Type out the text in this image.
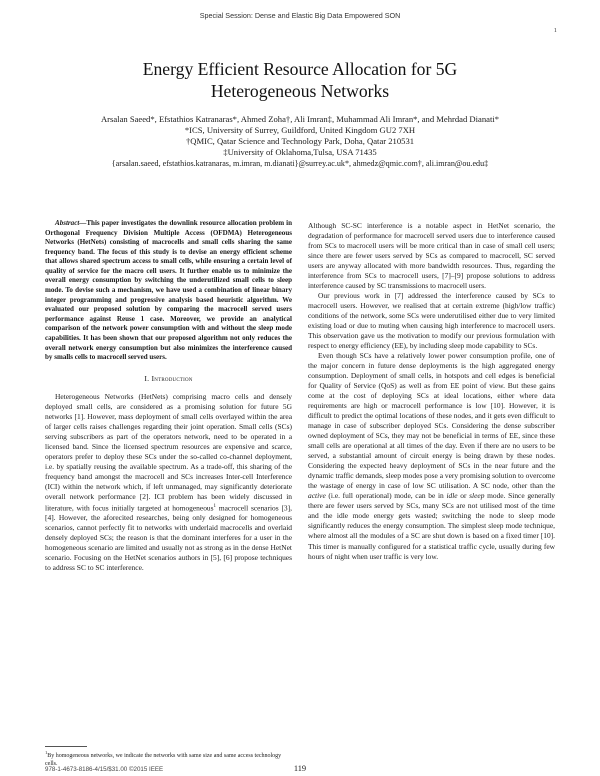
Special Session: Dense and Elastic Big Data Empowered SON
1
Energy Efficient Resource Allocation for 5G
Heterogeneous Networks
Arsalan Saeed*, Efstathios Katranaras*, Ahmed Zoha†, Ali Imran‡, Muhammad Ali Imran*, and Mehrdad Dianati*
*ICS, University of Surrey, Guildford, United Kingdom GU2 7XH
†QMIC, Qatar Science and Technology Park, Doha, Qatar 210531
‡University of Oklahoma,Tulsa, USA 71435
{arsalan.saeed, efstathios.katranaras, m.imran, m.dianati}@surrey.ac.uk*, ahmedz@qmic.com†, ali.imran@ou.edu‡
Abstract—This paper investigates the downlink resource allocation problem in Orthogonal Frequency Division Multiple Access (OFDMA) Heterogeneous Networks (HetNets) consisting of macrocells and small cells sharing the same frequency band. The focus of this study is to devise an energy efficient scheme that allows shared spectrum access to small cells, while ensuring a certain level of quality of service for the macro cell users. It further enable us to minimize the overall energy consumption by switching the underutilized small cells to sleep mode. To devise such a mechanism, we have used a combination of linear binary integer programming and progressive analysis based heuristic algorithm. We evaluated our proposed solution by comparing the macrocell served users performance against Reuse 1 case. Moreover, we provide an analytical comparison of the network power consumption with and without the sleep mode capabilities. It has been shown that our proposed algorithm not only reduces the overall network energy consumption but also minimizes the interference caused by smalls cells to macrocell served users.
I. Introduction

Heterogeneous Networks (HetNets) comprising macro cells and densely deployed small cells, are considered as a promising solution for future 5G networks [1]. However, mass deployment of small cells overlayed within the area of larger cells raises challenges regarding their joint operation. Small cells (SCs) serving subscribers as part of the operators network, need to be operated in a licensed band. Since the licensed spectrum resources are expensive and scarce, operators prefer to deploy these SCs under the so-called co-channel deployment, i.e. by spatially reusing the available spectrum. As a trade-off, this sharing of the frequency band amongst the macrocell and SCs increases Inter-cell Interference (ICI) within the network which, if left unmanaged, may significantly deteriorate overall network performance [2]. ICI problem has been widely discussed in literature, with focus initially targeted at homogeneous$^1$ macrocell scenarios [3], [4]. However, the aforecited researches, being only designed for homogeneous scenarios, cannot perfectly fit to networks with underlaid macrocells and overlaid densely deployed SCs; the reason is that the dominant interferes for a user in the homogeneous scenario are limited and usually not as strong as in the dense HetNet scenario. Focusing on the HetNet scenarios authors in [5], [6] propose techniques to address SC to SC interference.

$^1$By homogeneous networks, we indicate the networks with same size and same access technology cells.

Although SC-SC interference is a notable aspect in HetNet scenario, the degradation of performance for macrocell served users due to interference caused from SCs to macrocell users will be more critical than in case of small cell users; since there are fewer users served by SCs as compared to macrocell, SC served users are anyway allocated with more bandwidth resources. Thus, regarding the interference from SCs to macrocell users, [7]–[9] propose solutions to address interference caused by SC transmissions to macrocell users.

Our previous work in [7] addressed the interference caused by SCs to macrocell users. However, we realised that at certain extreme (high/low traffic) conditions of the network, some SCs were underutilised either due to very limited existing load or due to muting when causing high interference to macrocell users. This observation gave us the motivation to modify our previous formulation with respect to energy efficiency (EE), by including sleep mode capability to SCs.

Even though SCs have a relatively lower power consumption profile, one of the major concern in future dense deployments is the high aggregated energy consumption. Deployment of small cells, in hotspots and cell edges is beneficial for Quality of Service (QoS) as well as from EE point of view. But these gains come at the cost of deploying SCs at ideal locations, either where data requirements are high or macrocell performance is low [10]. However, it is difficult to predict the optimal locations of these nodes, and it gets even difficult to manage in case of subscriber deployed SCs. Considering the dense subscriber owned deployment of SCs, they may not be beneficial in terms of EE, since these small cells are operational at all times of the day. Even if there are no users to be served, a substantial amount of circuit energy is being drawn by these nodes. Considering the expected heavy deployment of SCs in the near future and the dynamic traffic demands, sleep modes pose a very promising solution to overcome the wastage of energy in case of low SC utilisation. A SC node, other than the active (i.e. full operational) mode, can be in idle or sleep mode. Since generally there are fewer users served by SCs, many SCs are not utilised most of the time and the idle mode energy gets wasted; switching the node to sleep mode significantly reduces the energy consumption. The simplest sleep mode technique, where almost all the modules of a SC are shut down is based on a fixed timer [10]. This timer is manually configured for a statistical traffic cycle, usually during few hours of night when user traffic is very low.

978-1-4673-8186-4/15/$31.00 ©2015 IEEE	119
